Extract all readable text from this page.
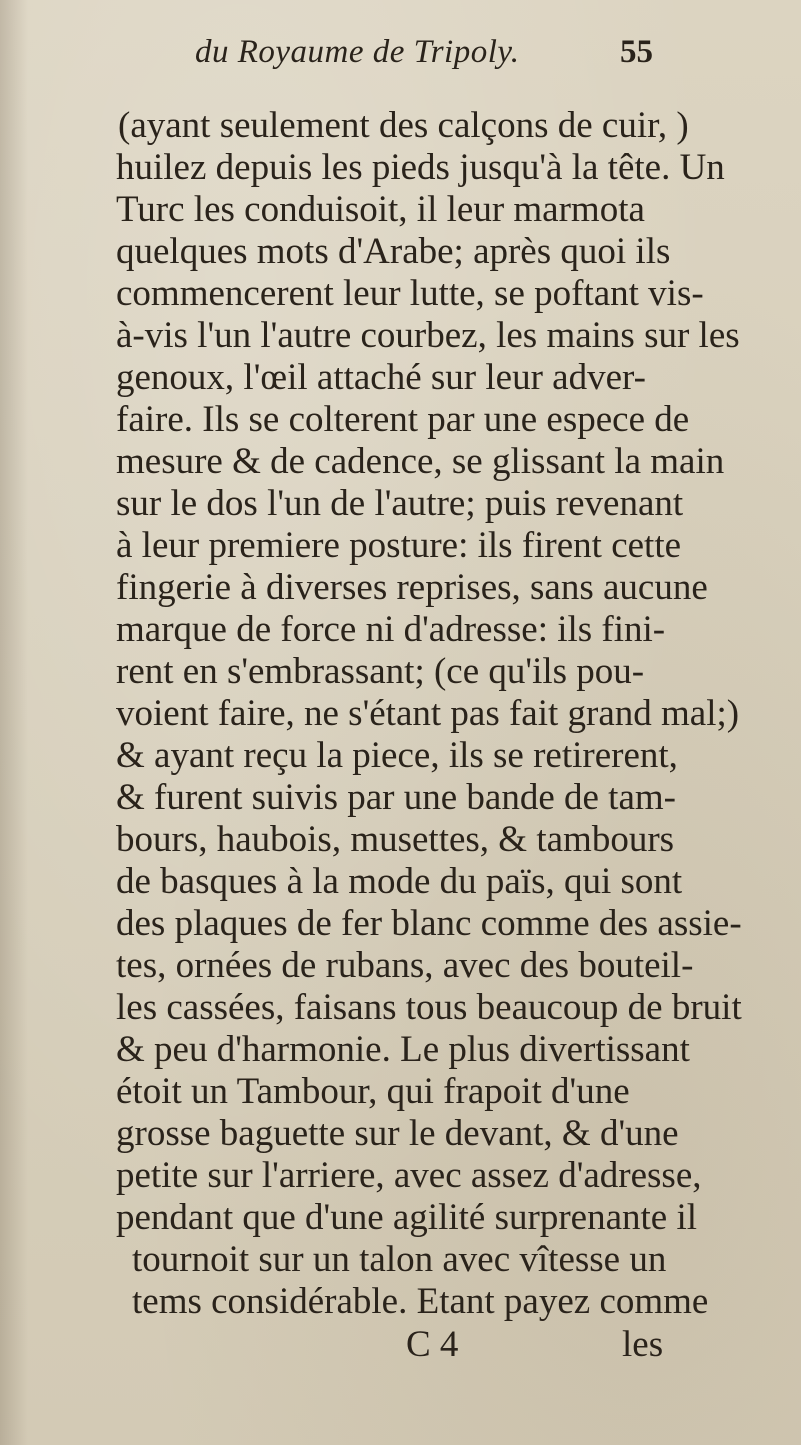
du Royaume de Tripoly.	55
(ayant seulement des calçons de cuir, )
huilez depuis les pieds jusqu'à la tête. Un
Turc les conduisoit, il leur marmota
quelques mots d'Arabe; après quoi ils
commencerent leur lutte, se poftant vis-
à-vis l'un l'autre courbez, les mains sur les
genoux, l'œil attaché sur leur adver-
faire. Ils se colterent par une espece de
mesure & de cadence, se glissant la main
sur le dos l'un de l'autre; puis revenant
à leur premiere posture: ils firent cette
fingerie à diverses reprises, sans aucune
marque de force ni d'adresse: ils fini-
rent en s'embrassant; (ce qu'ils pou-
voient faire, ne s'étant pas fait grand mal;)
& ayant reçu la piece, ils se retirerent,
& furent suivis par une bande de tam-
bours, haubois, musettes, & tambours
de basques à la mode du païs, qui sont
des plaques de fer blanc comme des assie-
tes, ornées de rubans, avec des bouteil-
les cassées, faisans tous beaucoup de bruit
& peu d'harmonie. Le plus divertissant
étoit un Tambour, qui frapoit d'une
grosse baguette sur le devant, & d'une
petite sur l'arriere, avec assez d'adresse,
pendant que d'une agilité surprenante il
tournoit sur un talon avec vîtesse un
tems considérable. Etant payez comme
C 4	les
